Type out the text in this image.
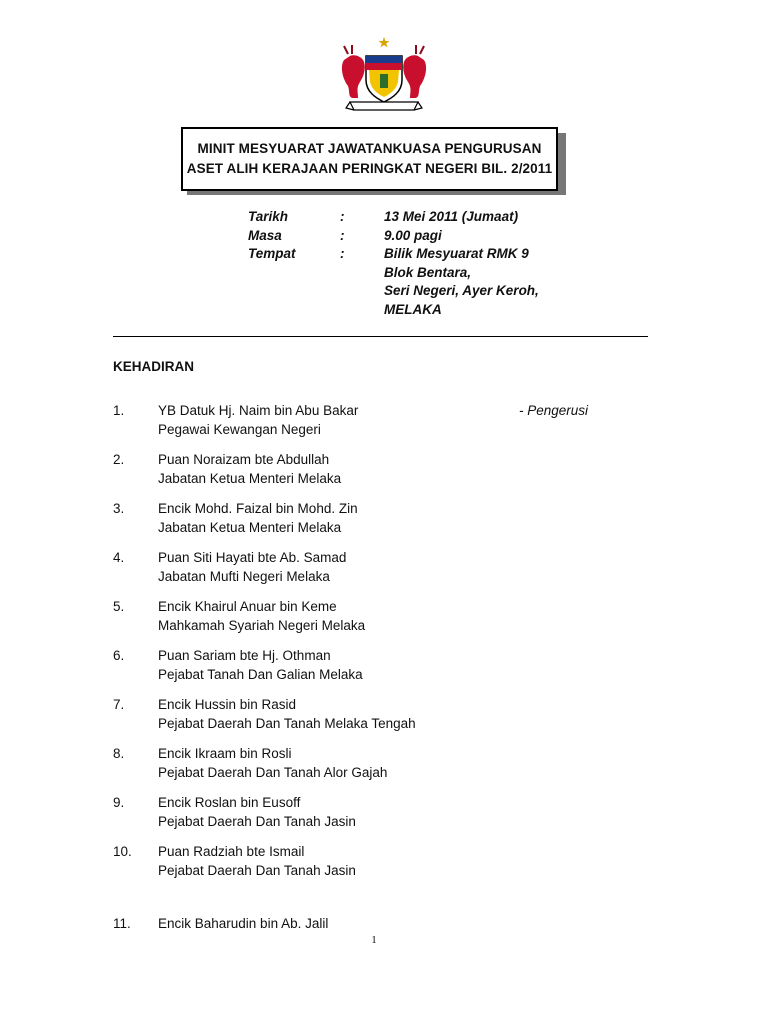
MINIT MESYUARAT JAWATANKUASA PENGURUSAN
ASET ALIH KERAJAAN PERINGKAT NEGERI BIL. 2/2011
Tarikh	:	13 Mei 2011 (Jumaat)
Masa	:	9.00 pagi
Tempat	:	Bilik Mesyuarat RMK 9
Blok Bentara,
Seri Negeri, Ayer Keroh,
MELAKA
KEHADIRAN
1. YB Datuk Hj. Naim bin Abu Bakar	- Pengerusi
Pegawai Kewangan Negeri
2. Puan Noraizam bte Abdullah
Jabatan Ketua Menteri Melaka
3. Encik Mohd. Faizal bin Mohd. Zin
Jabatan Ketua Menteri Melaka
4. Puan Siti Hayati bte Ab. Samad
Jabatan Mufti Negeri Melaka
5. Encik Khairul Anuar bin Keme
Mahkamah Syariah Negeri Melaka
6. Puan Sariam bte Hj. Othman
Pejabat Tanah Dan Galian Melaka
7. Encik Hussin bin Rasid
Pejabat Daerah Dan Tanah Melaka Tengah
8. Encik Ikraam bin Rosli
Pejabat Daerah Dan Tanah Alor Gajah
9. Encik Roslan bin Eusoff
Pejabat Daerah Dan Tanah Jasin
10. Puan Radziah bte Ismail
Pejabat Daerah Dan Tanah Jasin
11. Encik Baharudin bin Ab. Jalil
1
